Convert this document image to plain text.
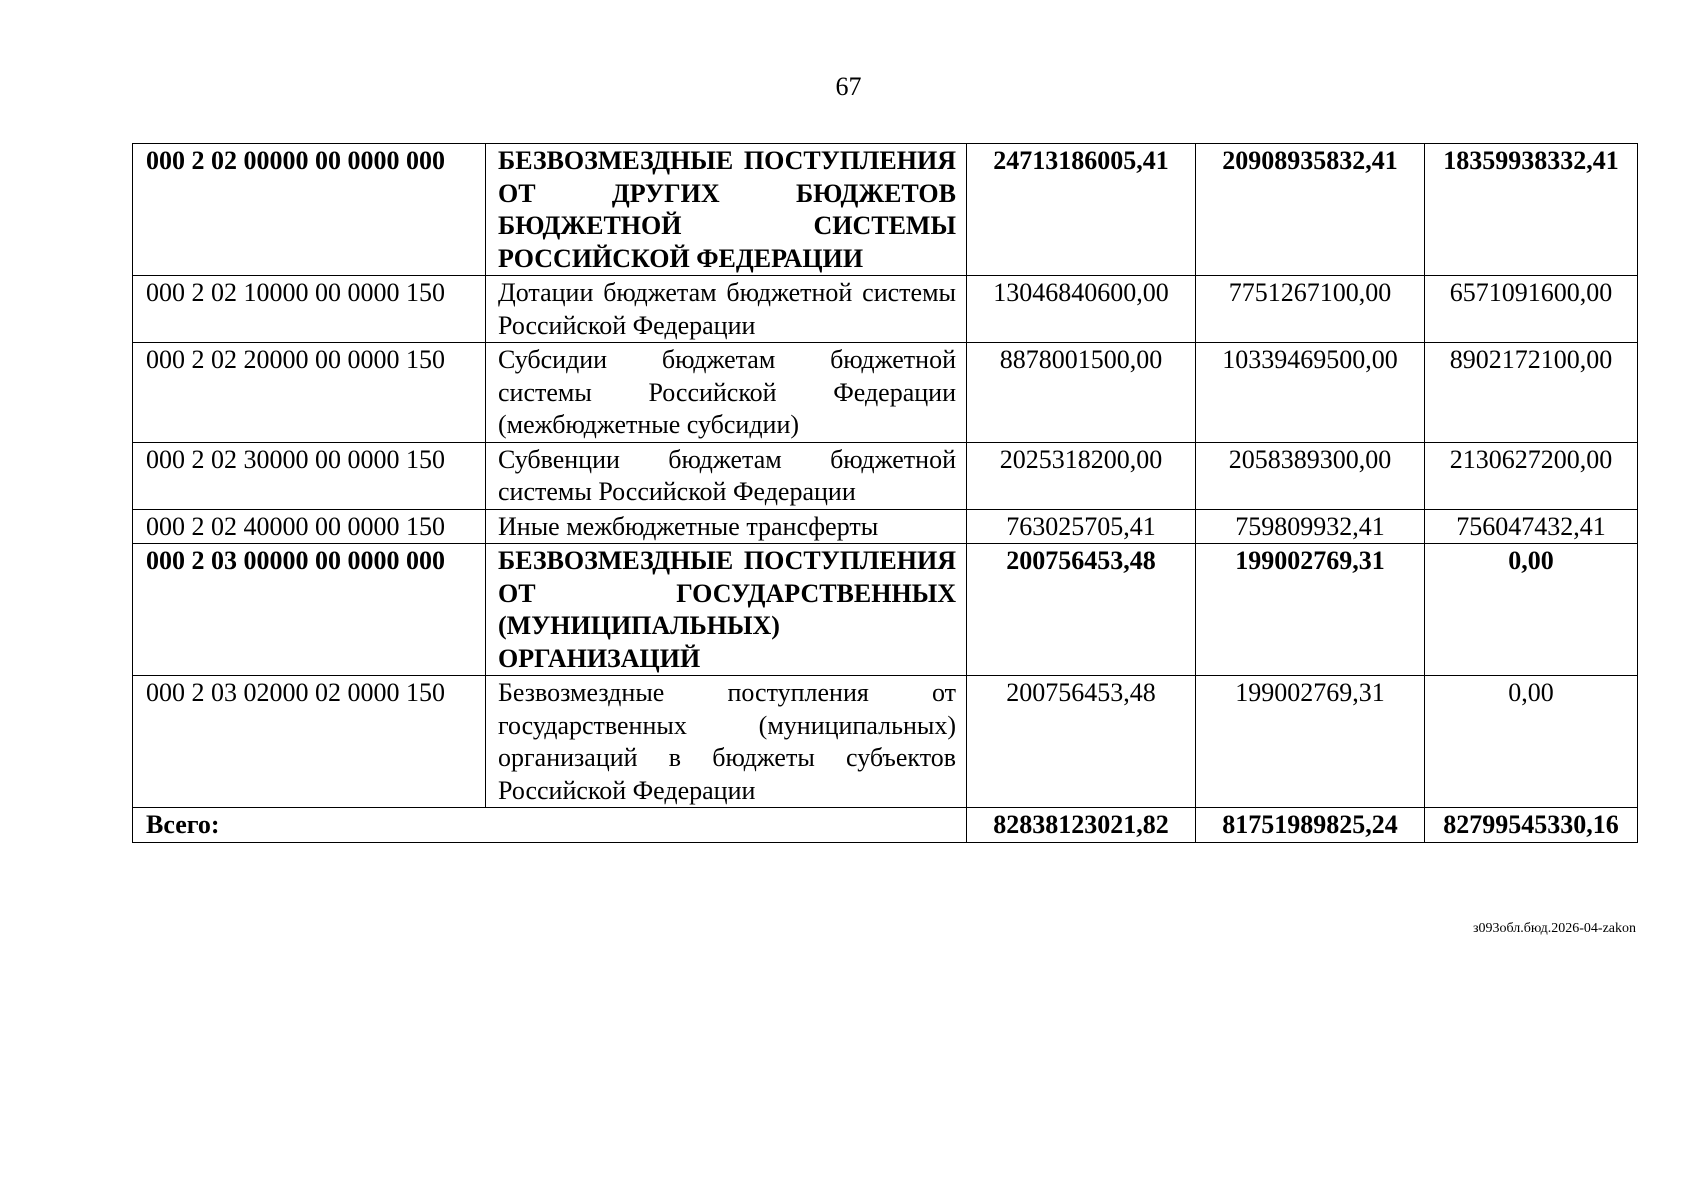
67
000 2 02 00000 00 0000 000	БЕЗВОЗМЕЗДНЫЕ ПОСТУПЛЕНИЯ ОТ ДРУГИХ БЮДЖЕТОВ БЮДЖЕТНОЙ СИСТЕМЫ РОССИЙСКОЙ ФЕДЕРАЦИИ	24713186005,41	20908935832,41	18359938332,41
000 2 02 10000 00 0000 150	Дотации бюджетам бюджетной системы Российской Федерации	13046840600,00	7751267100,00	6571091600,00
000 2 02 20000 00 0000 150	Субсидии бюджетам бюджетной системы Российской Федерации (межбюджетные субсидии)	8878001500,00	10339469500,00	8902172100,00
000 2 02 30000 00 0000 150	Субвенции бюджетам бюджетной системы Российской Федерации	2025318200,00	2058389300,00	2130627200,00
000 2 02 40000 00 0000 150	Иные межбюджетные трансферты	763025705,41	759809932,41	756047432,41
000 2 03 00000 00 0000 000	БЕЗВОЗМЕЗДНЫЕ ПОСТУПЛЕНИЯ ОТ ГОСУДАРСТВЕННЫХ (МУНИЦИПАЛЬНЫХ) ОРГАНИЗАЦИЙ	200756453,48	199002769,31	0,00
000 2 03 02000 02 0000 150	Безвозмездные поступления от государственных (муниципальных) организаций в бюджеты субъектов Российской Федерации	200756453,48	199002769,31	0,00
Всего:		82838123021,82	81751989825,24	82799545330,16
з093обл.бюд.2026-04-zakon
